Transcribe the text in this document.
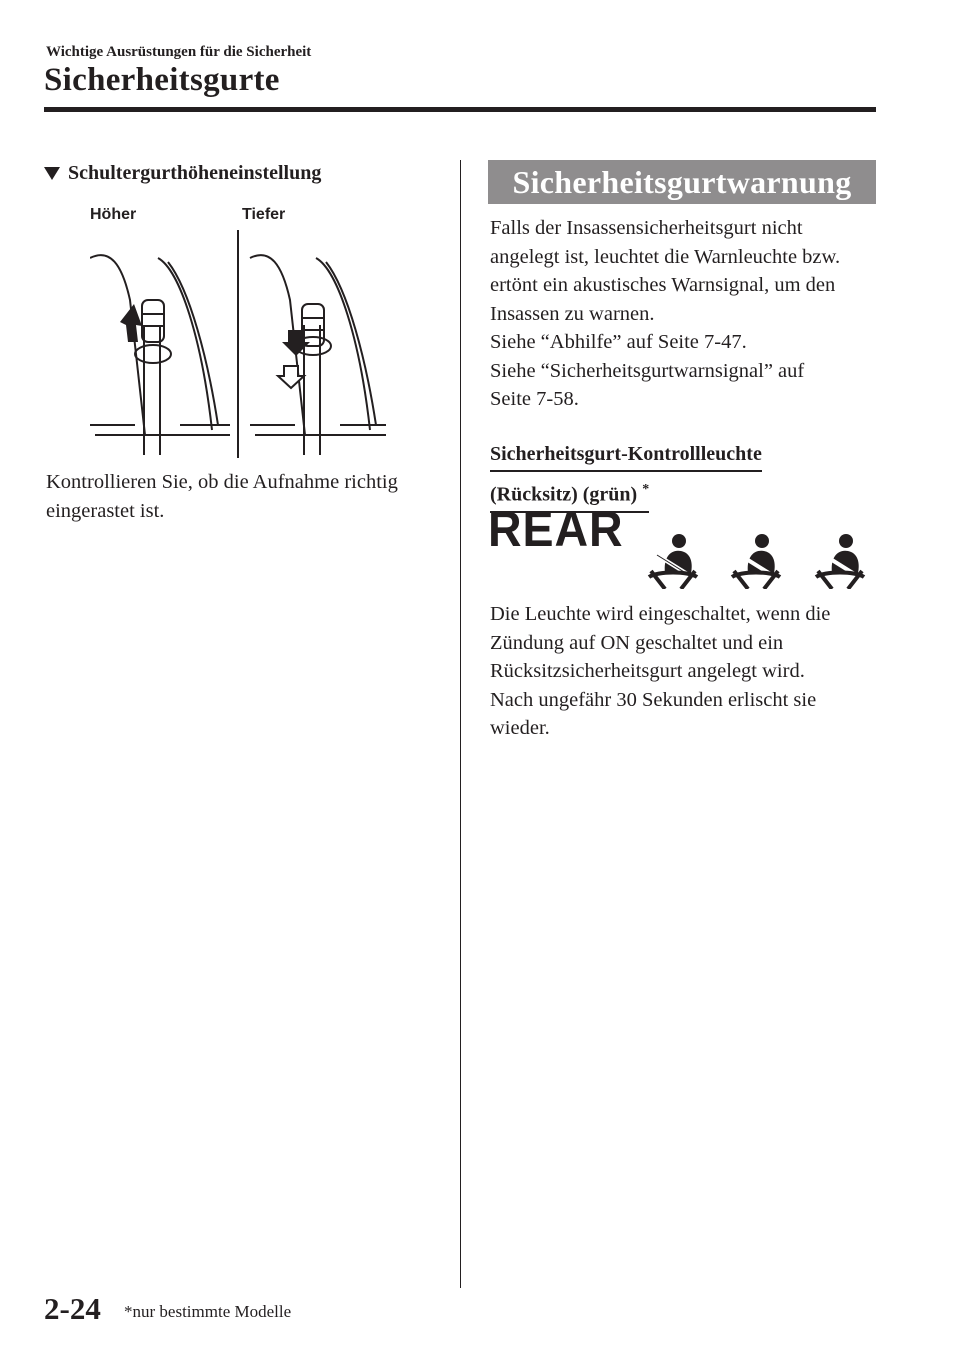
Wichtige Ausrüstungen für die Sicherheit
Sicherheitsgurte
Schultergurthöheneinstellung
Höher	Tiefer
Kontrollieren Sie, ob die Aufnahme richtig eingerastet ist.
Sicherheitsgurtwarnung

Falls der Insassensicherheitsgurt nicht

angelegt ist, leuchtet die Warnleuchte bzw.

ertönt ein akustisches Warnsignal, um den

Insassen zu warnen.

Siehe “Abhilfe” auf Seite 7-47.

Siehe “Sicherheitsgurtwarnsignal” auf

Seite 7-58.

Sicherheitsgurt-Kontrollleuchte
(Rücksitz) (grün) *
REAR
Die Leuchte wird eingeschaltet, wenn die
Zündung auf ON geschaltet und ein
Rücksitzsicherheitsgurt angelegt wird.
Nach ungefähr 30 Sekunden erlischt sie
wieder.
2-24 *nur bestimmte Modelle
